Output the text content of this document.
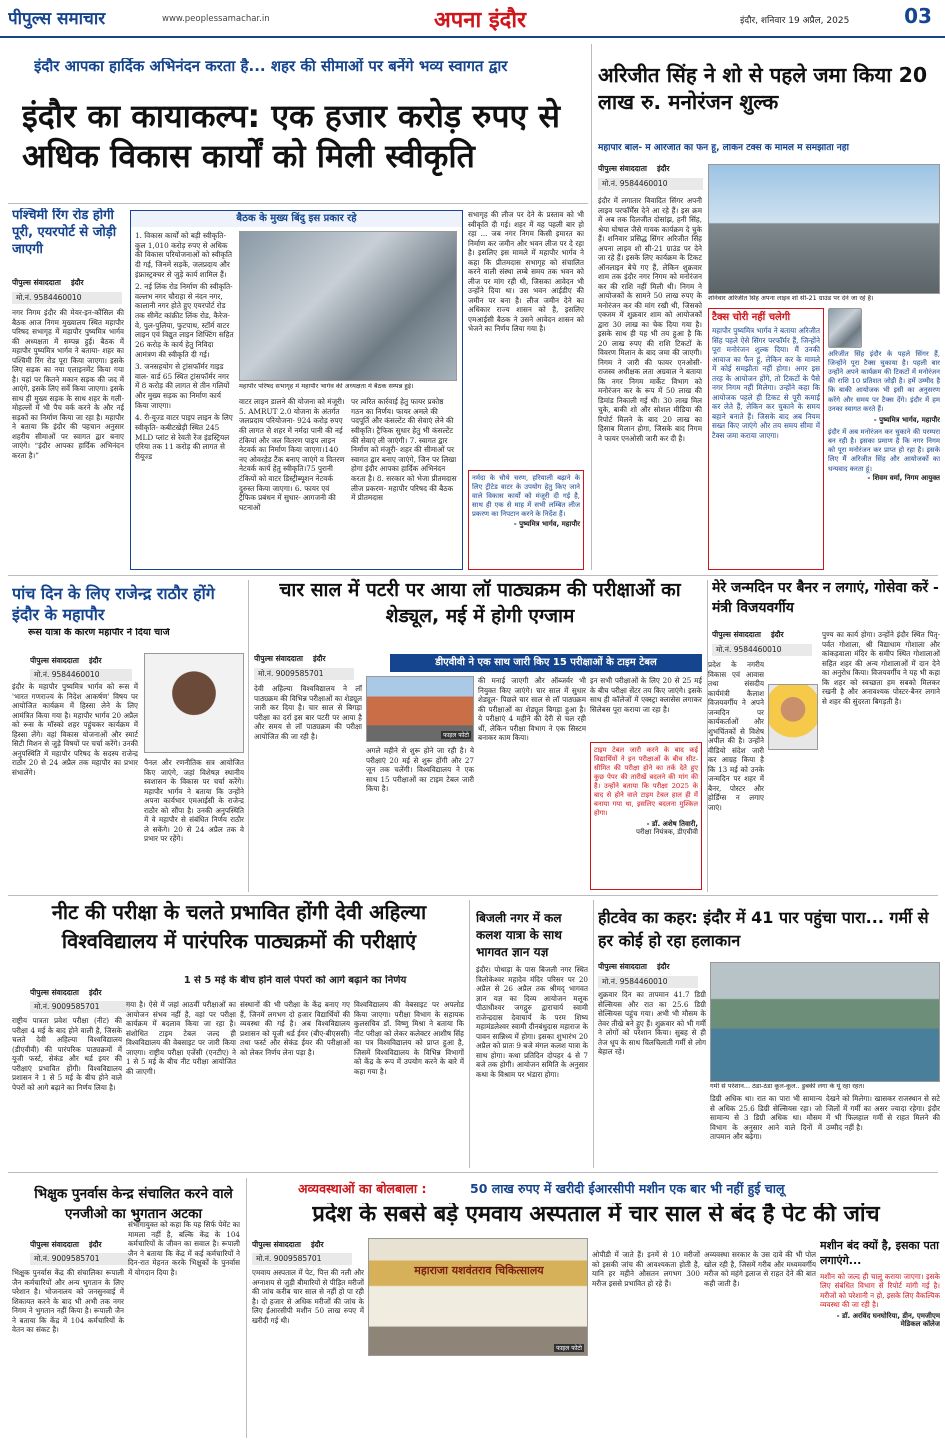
पीपुल्स समाचार	www.peoplessamachar.in	अपना इंदौर	इंदौर, शनिवार 19 अप्रैल, 2025	03
इंदौर आपका हार्दिक अभिनंदन करता है... शहर की सीमाओं पर बनेंगे भव्य स्वागत द्वार
इंदौर का कायाकल्प: एक हजार करोड़ रुपए से अधिक विकास कार्यों को मिली स्वीकृति
पश्चिमी रिंग रोड होगी पूरी, एयरपोर्ट से जोड़ी जाएगी
पीपुल्स संवाददाता इंदौर
मो.नं. 9584460010
नगर निगम इंदौर की मेयर-इन-कौंसिल की बैठक आज निगम मुख्यालय स्थित महापौर परिषद सभागृह में महापौर पुष्यमित्र भार्गव की अध्यक्षता में सम्पन्न हुई। बैठक में महापौर पुष्यमित्र भार्गव ने बताया- शहर का पश्चिमी रिंग रोड पूरा किया जाएगा। इसके लिए सड़क का नया एलाइनमेंट किया गया है। यहां पर कितने मकान सड़क की जद में आएंगे, इसके लिए सर्वे किया जाएगा। इसके साथ ही मुख्य सड़क के साथ शहर के गली-मोहल्लों में भी पैच वर्क करने के और नई सड़कों का निर्माण किया जा रहा है। महापौर ने बताया कि इंदौर की पहचान अनुसार शहरीय सीमाओं पर स्वागत द्वार बनाए जाएंगे। “इंदौर आपका हार्दिक अभिनंदन करता है।”
बैठक के मुख्य बिंदु इस प्रकार रहे
1. विकास कार्यों को बड़ी स्वीकृति- कुल 1,010 करोड़ रुपए से अधिक की विकास परियोजनाओं को स्वीकृति दी गई, जिनमें सड़कें, जलप्रदाय और इंफ्रास्ट्रक्चर से जुड़े कार्य शामिल हैं।
2. नई लिंक रोड निर्माण की स्वीकृति- वल्लभ नगर चौराहा से नंदन नगर, कालानी नगर होते हुए एयरपोर्ट रोड तक सीमेंट कांक्रीट लिंक रोड, कैरेज-वे, पुल-पुलिया, फुटपाथ, स्टॉर्म वाटर लाइन एवं विद्युत लाइन शिफ्टिंग सहित 26 करोड़ के कार्य हेतु निविदा आमंत्रण की स्वीकृति दी गई।
3. जनसहयोग से ट्रांसफॉर्मर गाइड वाल- वार्ड 65 स्थित ट्रांसफॉर्मर नगर में 8 करोड़ की लागत से तीन गलियों और मुख्य सड़क का निर्माण कार्य किया जाएगा।
4. री-यूज्ड वाटर पाइप लाइन के लिए स्वीकृति- कबीटखेड़ी स्थित 245 MLD प्लांट से रेवती रेंज इंडस्ट्रियल एरिया तक 11 करोड़ की लागत से रीयूज्ड
महापौर परिषद सभागृह में महापौर भार्गव की अध्यक्षता में बैठक सम्पन्न हुई।
वाटर लाइन डालने की योजना को मंजूरी। 5. AMRUT 2.0 योजना के अंतर्गत जलप्रदाय परियोजना- 924 करोड़ रुपए की लागत से शहर में नर्मदा पानी की नई टंकियां और जल वितरण पाइप लाइन नेटवर्क का निर्माण किया जाएगा।140 नए ओवरहेड टैंक बनाए जाएंगे व वितरण नेटवर्क कार्य हेतु स्वीकृति।75 पुरानी टंकियों को वाटर डिस्ट्रीब्यूशन नेटवर्क दुरुस्त किया जाएगा। 6. फायर एवं ट्रैफिक प्रबंधन में सुधार- आगजनी की घटनाओं
पर त्वरित कार्रवाई हेतु फायर प्रकोष्ठ गठन का निर्णय। फायर अमले की पदपूर्ति और कंसल्टेंट की सेवाएं लेने की स्वीकृति। ट्रैफिक सुधार हेतु भी कंसल्टेंट की सेवाएं ली जाएंगी। 7. स्वागत द्वार निर्माण को मंजूरी- शहर की सीमाओं पर स्वागत द्वार बनाए जाएंगे, जिन पर लिखा होगा इंदौर आपका हार्दिक अभिनंदन करता है। 8. सरकार को भेजा प्रीतमदास लीज प्रकरण- महापौर परिषद की बैठक में प्रीतमदास
सभागृह की लीज पर देने के प्रस्ताव को भी स्वीकृति दी गई। शहर में यह पहली बार हो रहा ... जब नगर निगम किसी इमारत का निर्माण कर जमीन और भवन लीज पर दे रहा है। इसलिए इस मामले में महापौर भार्गव ने कहा कि प्रीतमदास सभागृह को संचालित करने वाली संस्था लम्बे समय तक भवन को लीज पर मांग रही थी, जिसका आवेदन भी उन्होंने दिया था। उस भवन आईडीए की जमीन पर बना है। लीज जमीन देने का अधिकार राज्य शासन को है, इसलिए एमआईसी बैठक ने उसने आवेदन शासन को भेजने का निर्णय लिया गया है।
नर्मदा के चौथे चरण, हरियाली बढ़ाने के लिए ट्रीटेड वाटर के उपयोग हेतु किए जाने वाले विकास कार्यों को मंजूरी दी गई है, साथ ही एक से माह में सभी लम्बित लीज प्रकरण का निपटान करने के निर्देश हैं।
- पुष्यमित्र भार्गव, महापौर
अरिजीत सिंह ने शो से पहले जमा किया 20 लाख रु. मनोरंजन शुल्क
महापौर बोले- मैं अरिजीत का फैन हूं, लेकिन टैक्स के मामले में समझौता नहीं
पीपुल्स संवाददाता इंदौर
मो.नं. 9584460010
इंदौर में लगातार विवादित सिंगर अपनी लाइव परफॉर्मेंस देने आ रहे हैं। इस क्रम में अब तक दिलजीत दोसांझ, हनी सिंह, श्रेया घोषाल जैसे गायक कार्यक्रम दे चुके हैं। शनिवार प्रसिद्ध सिंगर अरिजीत सिंह अपना लाइव शो सी-21 ग्राउंड पर देने जा रहे हैं। इसके लिए कार्यक्रम के टिकट ऑनलाइन बेचे गए हैं, लेकिन शुक्रवार शाम तक इंदौर नगर निगम को मनोरंजन कर की राशि नहीं मिली थी। निगम ने आयोजकों के सामने 50 लाख रुपए के मनोरंजन कर की मांग रखी थी, जिसको एक्जम में शुक्रवार शाम को आयोजकों द्वारा 30 लाख का चेक दिया गया है। इसके साथ ही यह भी तय हुआ है कि 20 लाख रुपए की राशि टिकटों के विवरण मिलान के बाद जमा की जाएगी। निगम ने जारी की फायर एनओसी- राजस्व अधीक्षक लता अग्रवाल ने बताया कि नगर निगम मार्केट विभाग को मनोरंजन कर के रूप में 50 लाख की डिमांड निकाली गई थी। 30 लाख मिल चुके, बाकी शो और सोशल मीडिया की रिपोर्ट मिलने के बाद 20 लाख का हिसाब मिलान होगा, जिसके बाद निगम ने फायर एनओसी जारी कर दी है।
शनिवार अरिजीत सिंह अपना लाइव शो सी-21 ग्राउंड पर देने जा रहे हैं।
टैक्स चोरी नहीं चलेगी
महापौर पुष्यमित्र भार्गव ने बताया अरिजीत सिंह पहले ऐसे सिंगर परफॉर्मर हैं, जिन्होंने पूरा मनोरंजन शुल्क दिया। मैं उनकी आवाज का फैन हूं, लेकिन कर के मामले में कोई समझौता नहीं होगा। अगर इस तरह के आयोजन होंगे, तो टिकटों के पैसे नगर निगम नहीं मिलेगा। उन्होंने कहा कि आयोजक पहले ही टिकट से पूरी कमाई कर लेते हैं, लेकिन कर चुकाने के समय बहाने बनाते हैं। जिसके बाद अब नियम सख्त किए जाएंगे और तय समय सीमा में टैक्स जमा कराया जाएगा।
अरिजीत सिंह इंदौर के पहले सिंगर हैं, जिन्होंने पूरा टैक्स चुकाया है। पहली बार उन्होंने अपने कार्यक्रम की टिकटों में मनोरंजन की राशि 10 प्रतिशत जोड़ी है। हमें उम्मीद है कि बाकी आयोजक भी इसी का अनुसरण करेंगे और समय पर टैक्स देंगे। इंदौर में हम उनका स्वागत करते हैं।
- पुष्यमित्र भार्गव, महापौर
इंदौर में अब मनोरंजन कर चुकाने की परम्परा बन रही है। इसका प्रमाण है कि नगर निगम को पूरा मनोरंजन कर प्राप्त हो रहा है। इसके लिए मैं अरिजीत सिंह और आयोजकों का धन्यवाद करता हूं।
- शिवम वर्मा, निगम आयुक्त
पांच दिन के लिए राजेन्द्र राठौर होंगे इंदौर के महापौर
रूस यात्रा के कारण महापौर ने दिया चार्ज
पीपुल्स संवाददाता इंदौर
मो.नं. 9584460010
इंदौर के महापौर पुष्यमित्र भार्गव को रूस में 'भारत गणराज्य के निदेश आकर्षण' विषय पर आयोजित कार्यक्रम में हिस्सा लेने के लिए आमंत्रित किया गया है। महापौर भार्गव 20 अप्रैल को रूस के मॉस्को शहर पहुंचकर कार्यक्रम में हिस्सा लेंगे। वहां विकास योजनाओं और स्मार्ट सिटी मिशन से जुड़े विषयों पर चर्चा करेंगे। उनकी अनुपस्थिति में महापौर परिषद के सदस्य राजेन्द्र राठौर 20 से 24 अप्रैल तक महापौर का प्रभार संभालेंगे।
पैनल और रणनीतिक सत्र आयोजित किए जाएंगे, जहां विशेषज्ञ स्थानीय स्वशासन के विकास पर चर्चा करेंगे। महापौर भार्गव ने बताया कि उन्होंने अपना कार्यभार एमआईसी के राजेन्द्र राठौर को सौंपा है। उनकी अनुपस्थिति में वे महापौर से संबंधित निर्णय राठौर ले सकेंगे। 20 से 24 अप्रैल तक वे प्रभार पर रहेंगे।
चार साल में पटरी पर आया लॉ पाठ्यक्रम की परीक्षाओं का शेड्यूल, मई में होगी एग्जाम
डीएवीवी ने एक साथ जारी किए 15 परीक्षाओं के टाइम टेबल
पीपुल्स संवाददाता इंदौर
मो.नं. 9009585701
देवी अहिल्या विश्वविद्यालय ने लॉ पाठ्यक्रम की विभिन्न परीक्षाओं का शेड्यूल जारी कर दिया है। चार साल से बिगड़ा परीक्षा का दर्रा इस बार पटरी पर आया है और समय से लॉ पाठ्यक्रम की परीक्षा आयोजित की जा रही है।	फाइल फोटो
अगले महीने से शुरू होने जा रही है। ये परीक्षाएं 20 मई से शुरू होंगी और 27 जून तक चलेंगी। विश्वविद्यालय ने एक साथ 15 परीक्षाओं का टाइम टेबल जारी किया है।
की मनाई जाएगी और ऑब्जर्वर भी नियुक्त किए जाएंगे। चार साल में सुधार शेड्यूल- पिछले चार साल से लॉ पाठ्यक्रम की परीक्षाओं का शेड्यूल बिगड़ा हुआ है। ये परीक्षाएं 4 महीने की देरी से चल रही थीं, लेकिन परीक्षा विभाग ने एक सिस्टम बनाकर काम किया।
इन सभी परीक्षाओं के लिए 20 से 25 मई के बीच परीक्षा सेंटर तय किए जाएंगे। इसके साथ ही कॉलेजों में एक्स्ट्रा क्लासेस लगाकर सिलेबस पूरा कराया जा रहा है।
टाइम टेबल जारी करने के बाद कई विद्यार्थियों ने इन परीक्षाओं के बीच सीट-सीमित की परीक्षा होने का तर्क देते हुए कुछ पेपर की तारीखें बदलने की मांग की है। उन्होंने बताया कि परीक्षा 2025 के बाद से होने वाले टाइम टेबल हाल ही में बनाया गया था, इसलिए बदलना मुश्किल होगा।
- डॉ. अशेष तिवारी,
परीक्षा नियंत्रक, डीएवीवी
मेरे जन्मदिन पर बैनर न लगाएं, गोसेवा करें - मंत्री विजयवर्गीय
पीपुल्स संवाददाता इंदौर
मो.नं. 9584460010
प्रदेश के नगरीय विकास एवं आवास तथा संसदीय कार्यमंत्री कैलाश विजयवर्गीय ने अपने जन्मदिन पर कार्यकर्ताओं और शुभचिंतकों से विशेष अपील की है। उन्होंने वीडियो संदेश जारी कर आग्रह किया है कि 13 मई को उनके जन्मदिन पर शहर में बैनर, पोस्टर और होर्डिंग्स न लगाए जाएं।
पुण्य का कार्य होगा। उन्होंने इंदौर स्थित पितृ-पर्वत गोशाला, श्री विद्याधाम गोशाला और कांकड़वाला मंदिर के समीप स्थित गोशालाओं सहित शहर की अन्य गोशालाओं में दान देने का अनुरोध किया। विजयवर्गीय ने यह भी कहा कि शहर को स्वच्छता हम सबको मिलकर रखनी है और अनावश्यक पोस्टर-बैनर लगाने से शहर की सुंदरता बिगड़ती है।
नीट की परीक्षा के चलते प्रभावित होंगी देवी अहिल्या विश्वविद्यालय में पारंपरिक पाठ्यक्रमों की परीक्षाएं
1 से 5 मई के बीच होने वाले पेपरों को आगे बढ़ाने का निर्णय
पीपुल्स संवाददाता इंदौर
मो.नं. 9009585701
राष्ट्रीय पात्रता प्रवेश परीक्षा (नीट) की परीक्षा 4 मई के बाद होने वाली है, जिसके चलते देवी अहिल्या विश्वविद्यालय (डीएवीवी) की पारंपरिक पाठ्यक्रमों में यूजी फर्स्ट, सेकंड और थर्ड इयर की परीक्षाएं प्रभावित होंगी। विश्वविद्यालय प्रशासन ने 1 से 5 मई के बीच होने वाले पेपरों को आगे बढ़ाने का निर्णय लिया है।
गया है। ऐसे में जहां आठवीं परीक्षाओं का आयोजन संभव नहीं है, वहां पर परीक्षा कार्यक्रम में बदलाव किया जा रहा है। संशोधित टाइम टेबल जल्द ही विश्वविद्यालय की वेबसाइट पर जारी किया जाएगा। राष्ट्रीय परीक्षा एजेंसी (एनटीए) ने 1 से 5 मई के बीच नीट परीक्षा आयोजित की जाएगी।
संस्थानों की भी परीक्षा के केंद्र बनाए गए हैं, जिनमें लगभग दो हजार विद्यार्थियों की व्यवस्था की गई है। अब विश्वविद्यालय प्रशासन को यूजी थर्ड ईयर (बीए-बीएससी) तथा फर्स्ट और सेकंड ईयर की परीक्षाओं को लेकर निर्णय लेना पड़ा है।
विश्वविद्यालय की वेबसाइट पर अपलोड किया जाएगा। परीक्षा विभाग के सहायक कुलसचिव डॉ. विष्णु मिश्रा ने बताया कि नीट परीक्षा को लेकर कलेक्टर आशीष सिंह का पत्र विश्वविद्यालय को प्राप्त हुआ है, जिसमें विश्वविद्यालय के विभिन्न विभागों को केंद्र के रूप में उपयोग करने के बारे में कहा गया है।
बिजली नगर में कल कलश यात्रा के साथ भागवत ज्ञान यज्ञ
इंदौर। पोथाड़ा के पास बिजली नगर स्थित त्रिलोकेश्वर महादेव मंदिर परिसर पर 20 अप्रैल से 26 अप्रैल तक श्रीमद् भागवत ज्ञान यज्ञ का दिव्य आयोजन मलूक पीठाधीश्वर जगद्गुरु द्वाराचार्य स्वामी राजेन्द्रदास देवाचार्य के परम शिष्य महामंडलेश्वर स्वामी दीनबंधुदास महाराज के पावन सान्निध्य में होगा। इसका शुभारंभ 20 अप्रैल को प्रातः 9 बजे मंगल कलश यात्रा के साथ होगा। कथा प्रतिदिन दोपहर 4 से 7 बजे तक होगी। आयोजन समिति के अनुसार कथा के विश्राम पर भंडारा होगा।
हीटवेव का कहर: इंदौर में 41 पार पहुंचा पारा... गर्मी से हर कोई हो रहा हलाकान
पीपुल्स संवाददाता इंदौर
मो.नं. 9584460010
शुक्रवार दिन का तापमान 41.7 डिग्री सेल्सियस और रात का 25.6 डिग्री सेल्सियस पहुंच गया। अभी भी मौसम के तेवर तीखे बने हुए हैं। शुक्रवार को भी गर्मी ने लोगों को परेशान किया। सुबह से ही तेज धूप के साथ चिलचिलाती गर्मी से लोग बेहाल रहे।
गर्मी से परेशान... ठंडा-ठंडा कूल-कूल.. डुबकी लगा के यूं रहा रहत।
डिग्री अधिक था। रात का पारा भी सामान्य से अधिक 25.6 डिग्री सेल्सियस रहा। जो सामान्य से 3 डिग्री अधिक था। मौसम विभाग के अनुसार आने वाले दिनों में तापमान और बढ़ेगा।
देखने को मिलेगा। खासकर राजस्थान से सटे जिलों में गर्मी का असर ज्यादा रहेगा। इंदौर में भी फिलहाल गर्मी से राहत मिलने की उम्मीद नहीं है।
भिक्षुक पुनर्वास केन्द्र संचालित करने वाले एनजीओ का भुगतान अटका
पीपुल्स संवाददाता इंदौर
मो.नं. 9009585701
भिक्षुक पुनर्वास केंद्र की संचालिका रूपाली जैन कर्मचारियों और अन्य भुगतान के लिए परेशान है। भोजनालय को जनसुनवाई में शिकायत करने के बाद भी अभी तक नगर निगम ने भुगतान नहीं किया है। रूपाली जैन ने बताया कि केंद्र में 104 कर्मचारियों के वेतन का संकट है।
संभागायुक्त को कहा कि यह सिर्फ पेमेंट का मामला नहीं है, बल्कि केंद्र के 104 कर्मचारियों के जीवन का सवाल है। रूपाली जैन ने बताया कि केंद्र में कई कर्मचारियों ने दिन-रात मेहनत करके भिक्षुकों के पुनर्वास में योगदान दिया है।
अव्यवस्थाओं का बोलबाला :	50 लाख रुपए में खरीदी ईआरसीपी मशीन एक बार भी नहीं हुई चालू
प्रदेश के सबसे बड़े एमवाय अस्पताल में चार साल से बंद है पेट की जांच
पीपुल्स संवाददाता इंदौर
मो.नं. 9009585701
एमवाय अस्पताल में पेट, पित्त की नली और अग्नाशय से जुड़ी बीमारियों से पीड़ित मरीजों की जांच करीब चार साल से नहीं हो पा रही है। दो हजार से अधिक मरीजों की जांच के लिए ईआरसीपी मशीन 50 लाख रुपए में खरीदी गई थी।
महाराजा यशवंतराव चिकित्सालय
फाइल फोटो
ओपीडी में जाते हैं। इनमें से 10 मरीजों को इसकी जांच की आवश्यकता होती है, यानि हर महीने औसतन लगभग 300 मरीज इससे प्रभावित हो रहे हैं।
अव्यवस्था सरकार के उस दावे की भी पोल खोल रही है, जिसमें गरीब और मध्यमवर्गीय मरीज को महंगे इलाज से राहत देने की बात कही जाती है।
मशीन बंद क्यों है, इसका पता लगाएंगे...
मशीन को जल्द ही चालू कराया जाएगा। इसके लिए संबंधित विभाग से रिपोर्ट मांगी गई है। मरीजों को परेशानी न हो, इसके लिए वैकल्पिक व्यवस्था की जा रही है।
- डॉ. अरविंद घनघोरिया, डीन, एमजीएम मेडिकल कॉलेज
